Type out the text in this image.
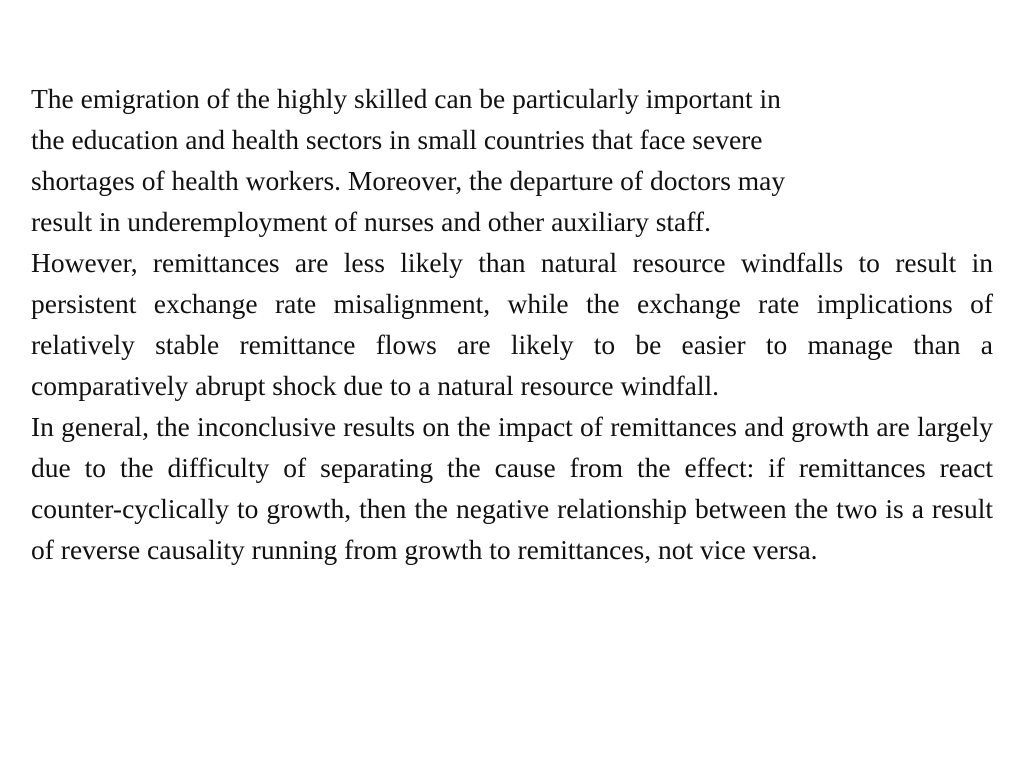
The emigration of the highly skilled can be particularly important in
the education and health sectors in small countries that face severe
shortages of health workers. Moreover, the departure of doctors may
result in underemployment of nurses and other auxiliary staff.

However, remittances are less likely than natural resource windfalls to result in persistent exchange rate misalignment, while the exchange rate implications of relatively stable remittance flows are likely to be easier to manage than a comparatively abrupt shock due to a natural resource windfall.

In general, the inconclusive results on the impact of remittances and growth are largely due to the difficulty of separating the cause from the effect: if remittances react counter-cyclically to growth, then the negative relationship between the two is a result of reverse causality running from growth to remittances, not vice versa.
